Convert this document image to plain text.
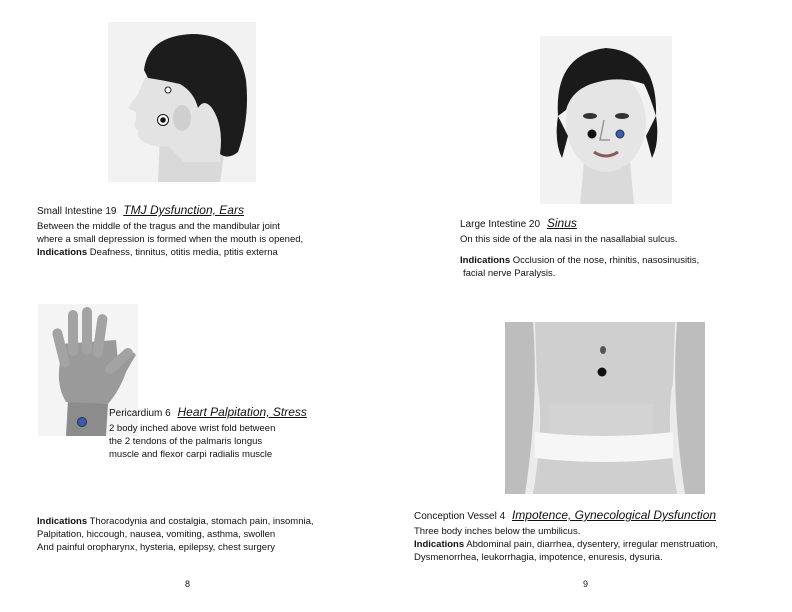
Small Intestine 19 TMJ Dysfunction, Ears
Between the middle of the tragus and the mandibular joint
where a small depression is formed when the mouth is opened,
Indications Deafness, tinnitus, otitis media, ptitis externa
Pericardium 6 Heart Palpitation, Stress
2 body inched above wrist fold between
the 2 tendons of the palmaris longus
muscle and flexor carpi radialis muscle
Indications Thoracodynia and costalgia, stomach pain, insomnia,
Palpitation, hiccough, nausea, vomiting, asthma, swollen
And painful oropharynx, hysteria, epilepsy, chest surgery
8
Large Intestine 20 Sinus
On this side of the ala nasi in the nasallabial sulcus.
Indications Occlusion of the nose, rhinitis, nasosinusitis,
facial nerve Paralysis.
Conception Vessel 4 Impotence, Gynecological Dysfunction
Three body inches below the umbilicus.
Indications Abdominal pain, diarrhea, dysentery, irregular menstruation,
Dysmenorrhea, leukorrhagia, impotence, enuresis, dysuria.
9
